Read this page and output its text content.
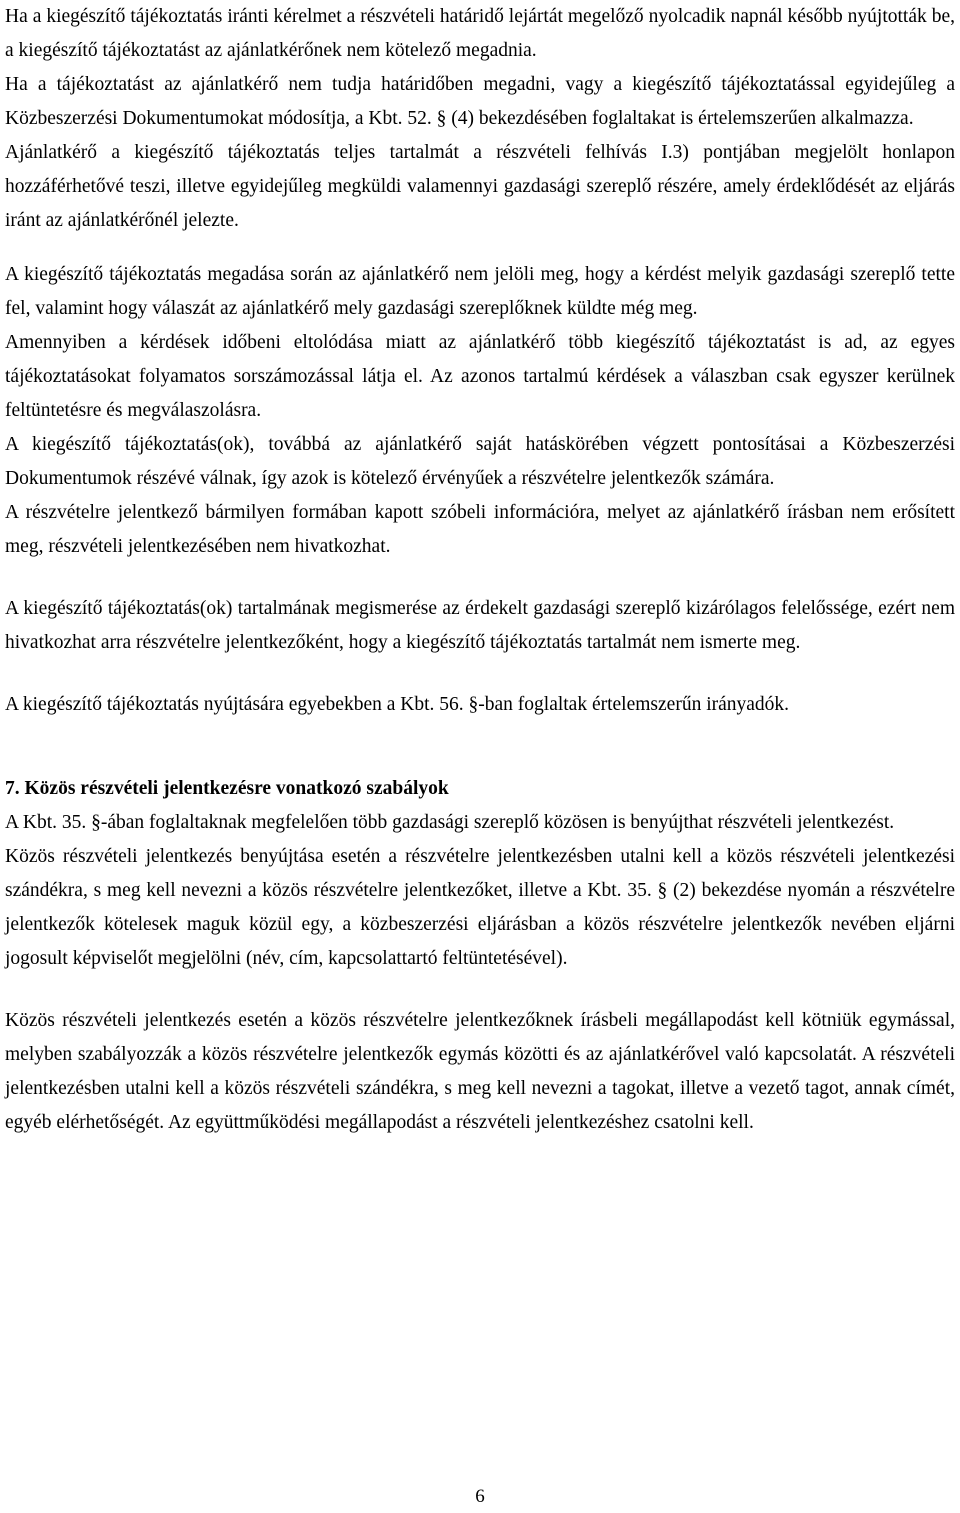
Ha a kiegészítő tájékoztatás iránti kérelmet a részvételi határidő lejártát megelőző nyolcadik napnál később nyújtották be, a kiegészítő tájékoztatást az ajánlatkérőnek nem kötelező megadnia.

Ha a tájékoztatást az ajánlatkérő nem tudja határidőben megadni, vagy a kiegészítő tájékoztatással egyidejűleg a Közbeszerzési Dokumentumokat módosítja, a Kbt. 52. § (4) bekezdésében foglaltakat is értelemszerűen alkalmazza.

Ajánlatkérő a kiegészítő tájékoztatás teljes tartalmát a részvételi felhívás I.3) pontjában megjelölt honlapon hozzáférhetővé teszi, illetve egyidejűleg megküldi valamennyi gazdasági szereplő részére, amely érdeklődését az eljárás iránt az ajánlatkérőnél jelezte.

A kiegészítő tájékoztatás megadása során az ajánlatkérő nem jelöli meg, hogy a kérdést melyik gazdasági szereplő tette fel, valamint hogy válaszát az ajánlatkérő mely gazdasági szereplőknek küldte még meg.

Amennyiben a kérdések időbeni eltolódása miatt az ajánlatkérő több kiegészítő tájékoztatást is ad, az egyes tájékoztatásokat folyamatos sorszámozással látja el. Az azonos tartalmú kérdések a válaszban csak egyszer kerülnek feltüntetésre és megválaszolásra.

A kiegészítő tájékoztatás(ok), továbbá az ajánlatkérő saját hatáskörében végzett pontosításai a Közbeszerzési Dokumentumok részévé válnak, így azok is kötelező érvényűek a részvételre jelentkezők számára.

A részvételre jelentkező bármilyen formában kapott szóbeli információra, melyet az ajánlatkérő írásban nem erősített meg, részvételi jelentkezésében nem hivatkozhat.

A kiegészítő tájékoztatás(ok) tartalmának megismerése az érdekelt gazdasági szereplő kizárólagos felelőssége, ezért nem hivatkozhat arra részvételre jelentkezőként, hogy a kiegészítő tájékoztatás tartalmát nem ismerte meg.

A kiegészítő tájékoztatás nyújtására egyebekben a Kbt. 56. §-ban foglaltak értelemszerűn irányadók.

7. Közös részvételi jelentkezésre vonatkozó szabályok

A Kbt. 35. §-ában foglaltaknak megfelelően több gazdasági szereplő közösen is benyújthat részvételi jelentkezést.

Közös részvételi jelentkezés benyújtása esetén a részvételre jelentkezésben utalni kell a közös részvételi jelentkezési szándékra, s meg kell nevezni a közös részvételre jelentkezőket, illetve a Kbt. 35. § (2) bekezdése nyomán a részvételre jelentkezők kötelesek maguk közül egy, a közbeszerzési eljárásban a közös részvételre jelentkezők nevében eljárni jogosult képviselőt megjelölni (név, cím, kapcsolattartó feltüntetésével).

Közös részvételi jelentkezés esetén a közös részvételre jelentkezőknek írásbeli megállapodást kell kötniük egymással, melyben szabályozzák a közös részvételre jelentkezők egymás közötti és az ajánlatkérővel való kapcsolatát. A részvételi jelentkezésben utalni kell a közös részvételi szándékra, s meg kell nevezni a tagokat, illetve a vezető tagot, annak címét, egyéb elérhetőségét. Az együttműködési megállapodást a részvételi jelentkezéshez csatolni kell.

6
